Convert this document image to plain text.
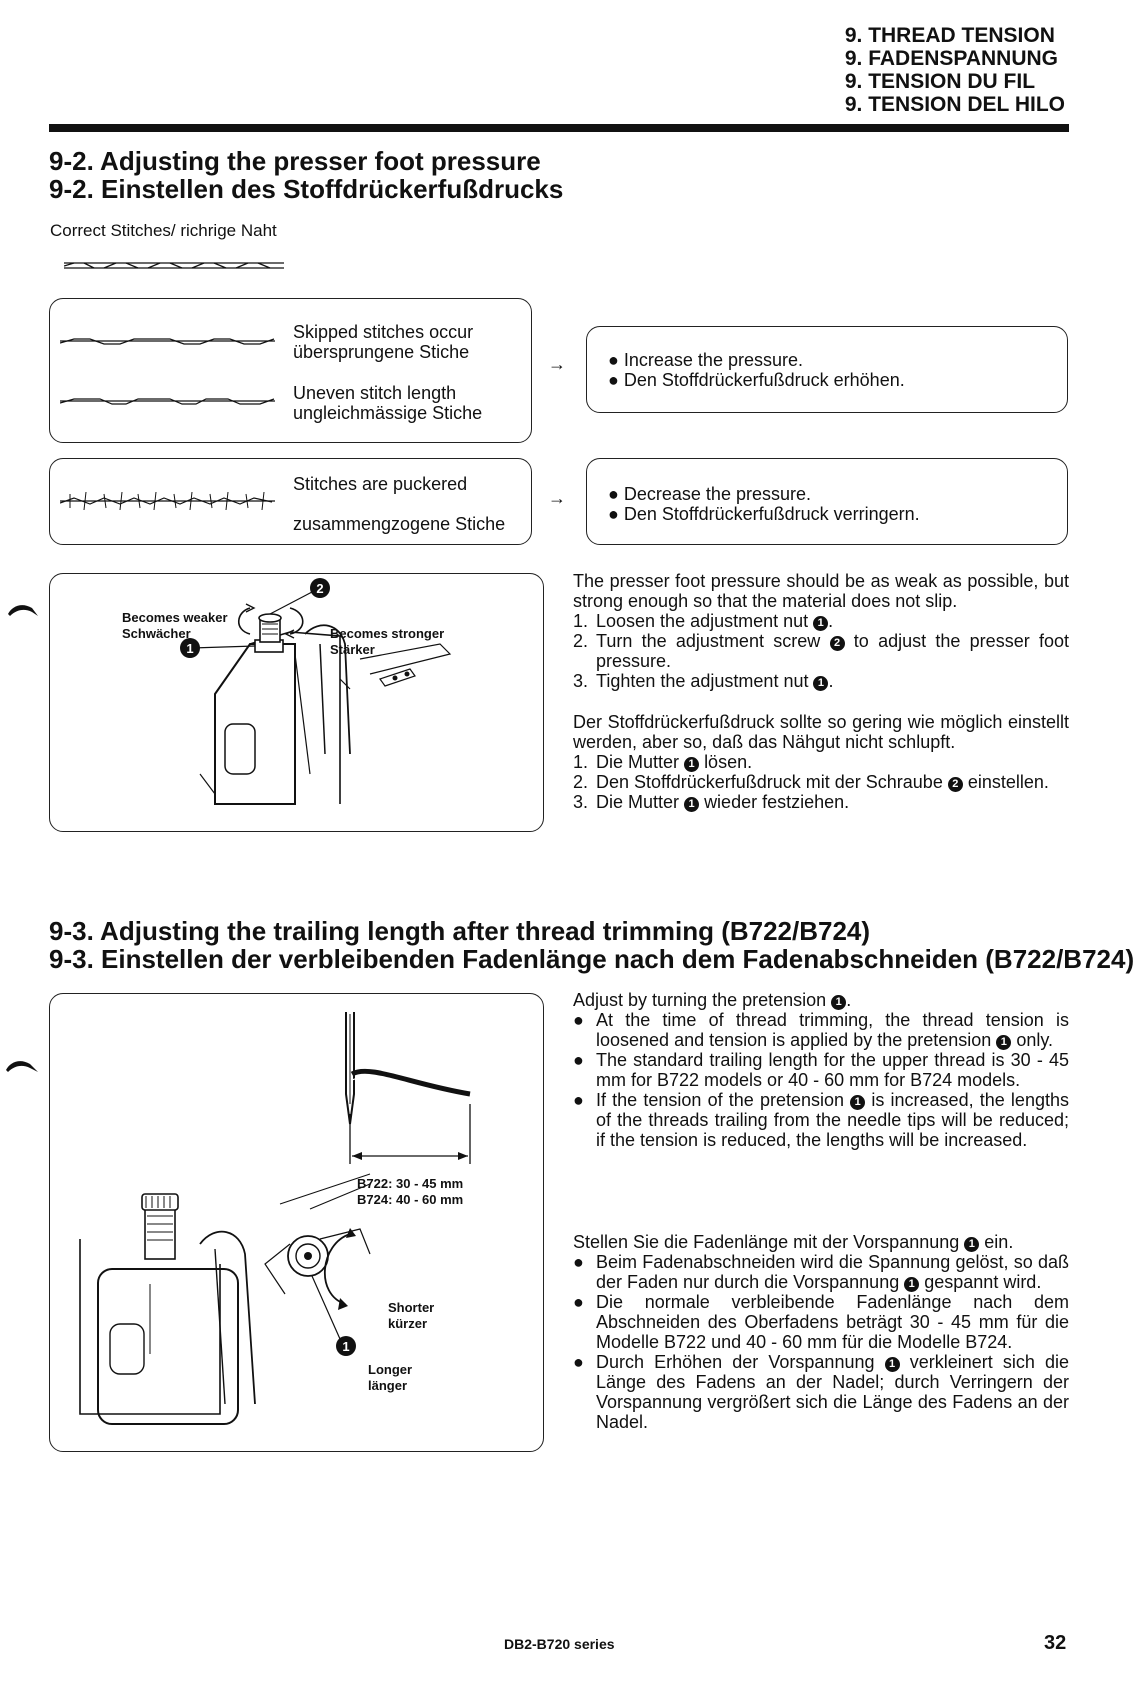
9. THREAD TENSION
9. FADENSPANNUNG
9. TENSION DU FIL
9. TENSION DEL HILO
9-2. Adjusting the presser foot pressure
9-2. Einstellen des Stoffdrückerfußdrucks
Correct Stitches/ richrige Naht
Skipped stitches occur
übersprungene Stiche
Uneven stitch length
ungleichmässige Stiche
→ ● Increase the pressure.
● Den Stoffdrückerfußdruck erhöhen.
Stitches are puckered
zusammengzogene Stiche
→ ● Decrease the pressure.
● Den Stoffdrückerfußdruck verringern.
2
1
Becomes weaker
Schwächer	Becomes stronger
Stärker

The presser foot pressure should be as weak as possible, but strong enough so that the material does not slip.

1. Loosen the adjustment nut 1 .
2. Turn the adjustment screw 2 to adjust the presser foot pressure.
3. Tighten the adjustment nut 1 .

Der Stoffdrückerfußdruck sollte so gering wie möglich einstellt werden, aber so, daß das Nähgut nicht schlupft.

1. Die Mutter 1 lösen.
2. Den Stoffdrückerfußdruck mit der Schraube 2 einstellen.
3. Die Mutter 1 wieder festziehen.
9-3. Adjusting the trailing length after thread trimming (B722/B724)
9-3. Einstellen der verbleibenden Fadenlänge nach dem Fadenabschneiden (B722/B724)
1
B722: 30 - 45 mm
B724: 40 - 60 mm
Shorter
kürzer
Longer
länger

Adjust by turning the pretension 1 .

● At the time of thread trimming, the thread tension is loosened and tension is applied by the pretension 1 only.
● The standard trailing length for the upper thread is 30 - 45 mm for B722 models or 40 - 60 mm for B724 models.
● If the tension of the pretension 1 is increased, the lengths of the threads trailing from the needle tips will be reduced; if the tension is reduced, the lengths will be increased.

Stellen Sie die Fadenlänge mit der Vorspannung 1 ein.

● Beim Fadenabschneiden wird die Spannung gelöst, so daß der Faden nur durch die Vorspannung 1 gespannt wird.
● Die normale verbleibende Fadenlänge nach dem Abschneiden des Oberfadens beträgt 30 - 45 mm für die Modelle B722 und 40 - 60 mm für die Modelle B724.
● Durch Erhöhen der Vorspannung 1 verkleinert sich die Länge des Fadens an der Nadel; durch Verringern der Vorspannung vergrößert sich die Länge des Fadens an der Nadel.
DB2-B720 series	32
